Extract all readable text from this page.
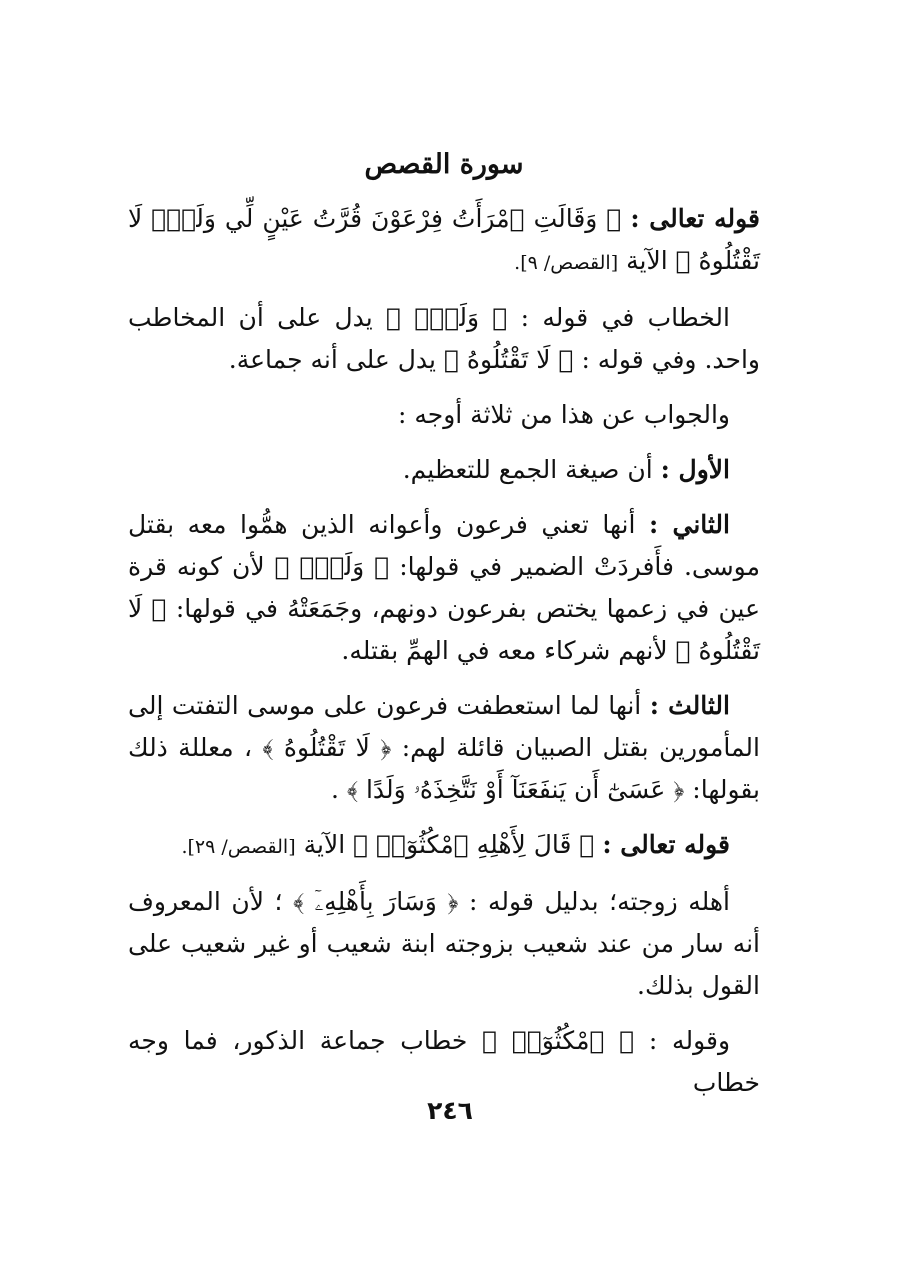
سورة القصص

قوله تعالى : ﴿ وَقَالَتِ ٱمْرَأَتُ فِرْعَوْنَ قُرَّتُ عَيْنٍ لِّي وَلَكَۖ لَا تَقْتُلُوهُ ﴾ الآية [القصص/ ٩].

الخطاب في قوله : ﴿ وَلَكَۖ ﴾ يدل على أن المخاطب واحد. وفي قوله : ﴿ لَا تَقْتُلُوهُ ﴾ يدل على أنه جماعة.

والجواب عن هذا من ثلاثة أوجه :

الأول : أن صيغة الجمع للتعظيم.

الثاني : أنها تعني فرعون وأعوانه الذين همُّوا معه بقتل موسى. فأَفردَتْ الضمير في قولها: ﴿ وَلَكَۖ ﴾ لأن كونه قرة عين في زعمها يختص بفرعون دونهم، وجَمَعَتْهُ في قولها: ﴿ لَا تَقْتُلُوهُ ﴾ لأنهم شركاء معه في الهمِّ بقتله.

الثالث : أنها لما استعطفت فرعون على موسى التفتت إلى المأمورين بقتل الصبيان قائلة لهم: ﴿ لَا تَقْتُلُوهُ ﴾ ، معللة ذلك بقولها: ﴿ عَسَىٰٓ أَن يَنفَعَنَآ أَوْ نَتَّخِذَهُۥ وَلَدًا ﴾ .

قوله تعالى : ﴿ قَالَ لِأَهْلِهِ ٱمْكُثُوٓا۟ ﴾ الآية [القصص/ ٢٩].

أهله زوجته؛ بدليل قوله : ﴿ وَسَارَ بِأَهْلِهِۦٓ ﴾ ؛ لأن المعروف أنه سار من عند شعيب بزوجته ابنة شعيب أو غير شعيب على القول بذلك.

وقوله : ﴿ ٱمْكُثُوٓا۟ ﴾ خطاب جماعة الذكور، فما وجه خطاب

٢٤٦
